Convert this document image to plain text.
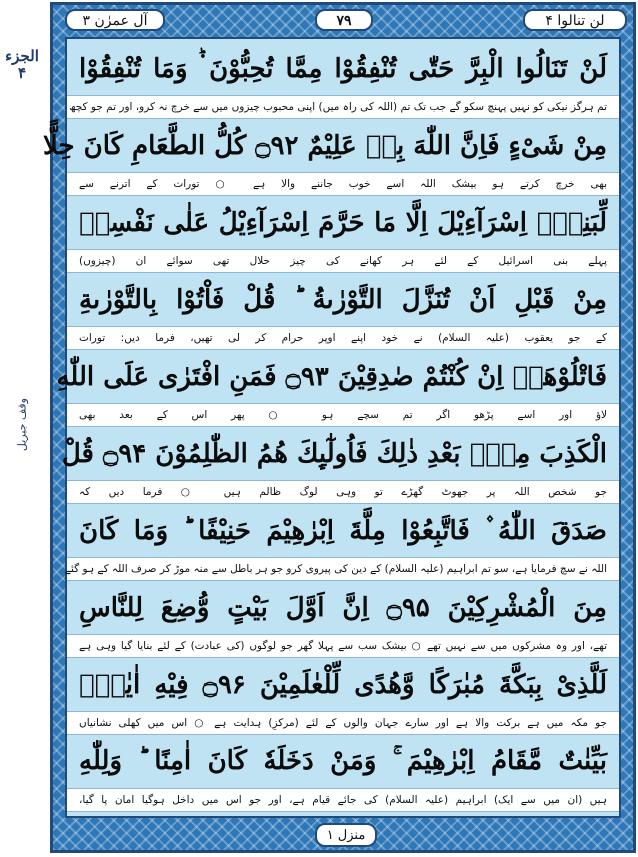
الجزء ۴
وقف جبریل
آل عمرٰن ۳	۷۹	لن تنالوا ۴
لَنْ تَنَالُوا الْبِرَّ حَتّٰى تُنْفِقُوْا مِمَّا تُحِبُّوْنَ ۬ؕ وَمَا تُنْفِقُوْا
تم ہرگز نیکی کو نہیں پہنچ سکو گے جب تک تم (اللہ کی راہ میں) اپنی محبوب چیزوں میں سے خرچ نہ کرو، اور تم جو کچھ
مِنْ شَیْءٍ فَاِنَّ اللّٰهَ بِهٖ عَلِیْمٌ ۝۹۲ كُلُّ الطَّعَامِ كَانَ حِلًّا
بھی خرچ کرتے ہو بیشک اللہ اسے خوب جاننے والا ہے ○ تورات کے اترنے سے
لِّبَنِیْۤ اِسْرَآءِیْلَ اِلَّا مَا حَرَّمَ اِسْرَآءِیْلُ عَلٰى نَفْسِهٖ
پہلے بنی اسرائیل کے لئے ہر کھانے کی چیز حلال تھی سوائے ان (چیزوں)
مِنْ قَبْلِ اَنْ تُنَزَّلَ التَّوْرٰىةُ ؕ قُلْ فَاْتُوْا بِالتَّوْرٰىةِ
کے جو یعقوب (علیہ السلام) نے خود اپنے اوپر حرام کر لی تھیں، فرما دیں: تورات
فَاتْلُوْهَاۤ اِنْ كُنْتُمْ صٰدِقِیْنَ ۝۹۳ فَمَنِ افْتَرٰى عَلَى اللّٰهِ
لاؤ اور اسے پڑھو اگر تم سچے ہو ○ پھر اس کے بعد بھی
الْكَذِبَ مِنْۢ بَعْدِ ذٰلِكَ فَاُولٰٓىِٕكَ هُمُ الظّٰلِمُوْنَ ۝۹۴ قُلْ
جو شخص اللہ پر جھوٹ گھڑے تو وہی لوگ ظالم ہیں ○ فرما دیں کہ
صَدَقَ اللّٰهُ ۫ فَاتَّبِعُوْا مِلَّةَ اِبْرٰهِیْمَ حَنِیْفًا ؕ وَمَا كَانَ
اللہ نے سچ فرمایا ہے، سو تم ابراہیم (علیہ السلام) کے دین کی پیروی کرو جو ہر باطل سے منہ موڑ کر صرف اللہ کے ہو گئے
مِنَ الْمُشْرِكِیْنَ ۝۹۵ اِنَّ اَوَّلَ بَیْتٍ وُّضِعَ لِلنَّاسِ
تھے، اور وہ مشرکوں میں سے نہیں تھے ○ بیشک سب سے پہلا گھر جو لوگوں (کی عبادت) کے لئے بنایا گیا وہی ہے
لَلَّذِیْ بِبَكَّةَ مُبٰرَكًا وَّهُدًى لِّلْعٰلَمِیْنَ ۝۹۶ فِیْهِ اٰیٰتٌۢ
جو مکہ میں ہے برکت والا ہے اور سارے جہان والوں کے لئے (مرکزِ) ہدایت ہے ○ اس میں کھلی نشانیاں
بَیِّنٰتٌ مَّقَامُ اِبْرٰهِیْمَ ۚ وَمَنْ دَخَلَهٗ كَانَ اٰمِنًا ؕ وَلِلّٰهِ
ہیں (ان میں سے ایک) ابراہیم (علیہ السلام) کی جائے قیام ہے، اور جو اس میں داخل ہوگیا امان پا گیا،
منزل ۱
